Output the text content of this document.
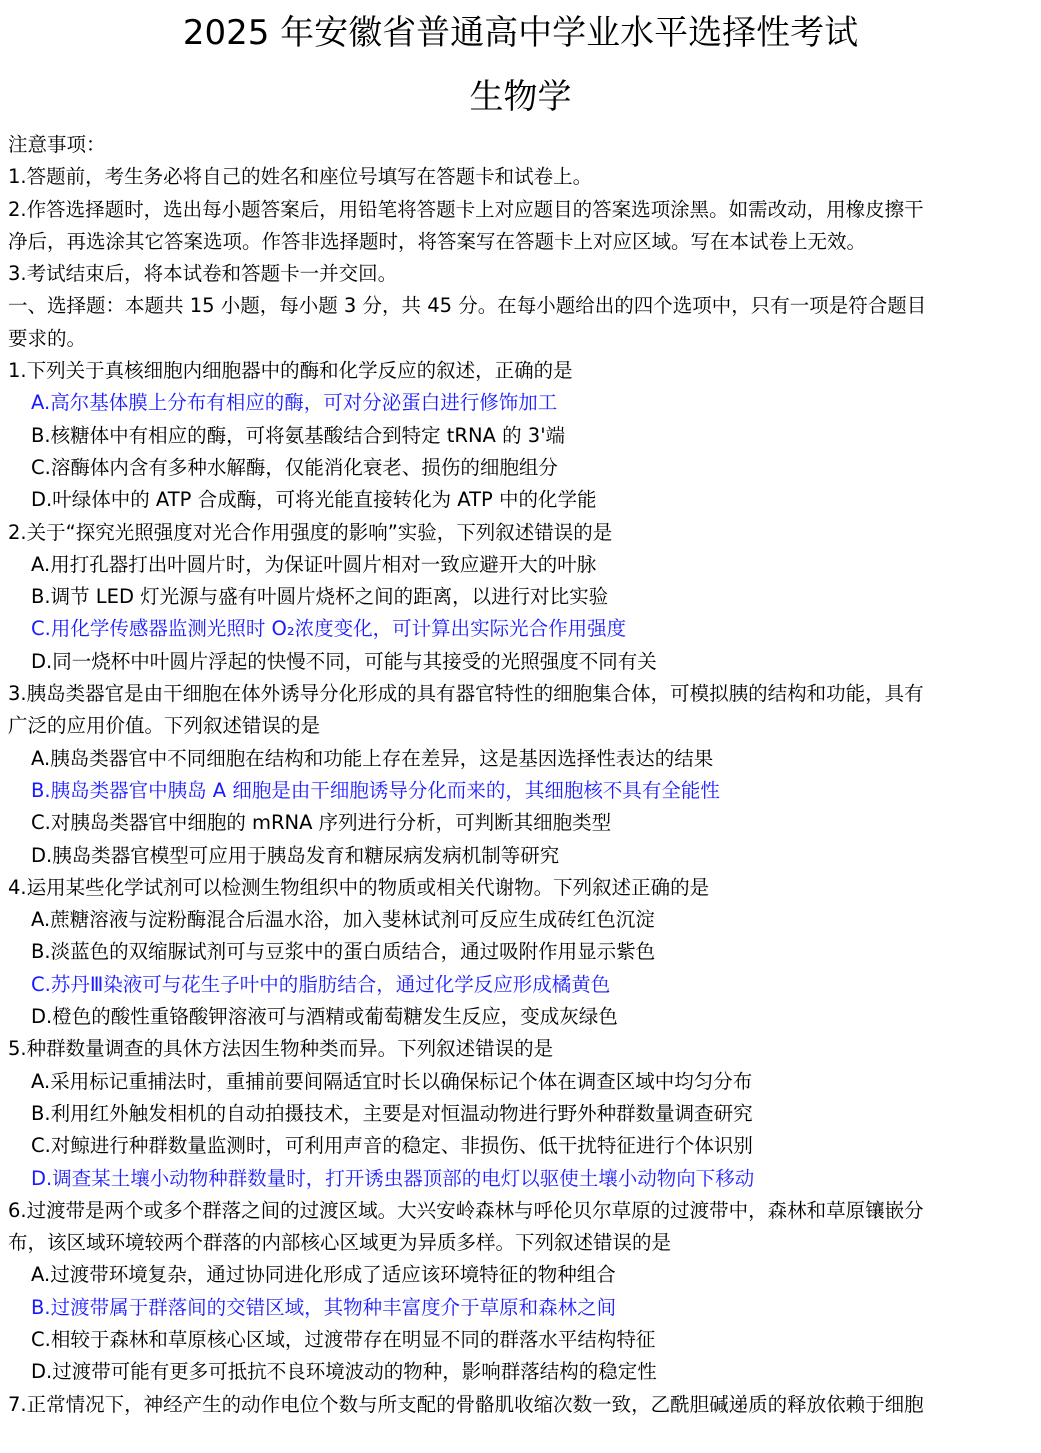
2025 年安徽省普通高中学业水平选择性考试
生物学
注意事项：
1.答题前，考生务必将自己的姓名和座位号填写在答题卡和试卷上。
2.作答选择题时，选出每小题答案后，用铅笔将答题卡上对应题目的答案选项涂黑。如需改动，用橡皮擦干
净后，再选涂其它答案选项。作答非选择题时，将答案写在答题卡上对应区域。写在本试卷上无效。
3.考试结束后，将本试卷和答题卡一并交回。
一、选择题：本题共 15 小题，每小题 3 分，共 45 分。在每小题给出的四个选项中，只有一项是符合题目
要求的。
1.下列关于真核细胞内细胞器中的酶和化学反应的叙述，正确的是
A.高尔基体膜上分布有相应的酶，可对分泌蛋白进行修饰加工
B.核糖体中有相应的酶，可将氨基酸结合到特定 tRNA 的 3'端
C.溶酶体内含有多种水解酶，仅能消化衰老、损伤的细胞组分
D.叶绿体中的 ATP 合成酶，可将光能直接转化为 ATP 中的化学能
2.关于“探究光照强度对光合作用强度的影响”实验，下列叙述错误的是
A.用打孔器打出叶圆片时，为保证叶圆片相对一致应避开大的叶脉
B.调节 LED 灯光源与盛有叶圆片烧杯之间的距离，以进行对比实验
C.用化学传感器监测光照时 O₂浓度变化，可计算出实际光合作用强度
D.同一烧杯中叶圆片浮起的快慢不同，可能与其接受的光照强度不同有关
3.胰岛类器官是由干细胞在体外诱导分化形成的具有器官特性的细胞集合体，可模拟胰的结构和功能，具有
广泛的应用价值。下列叙述错误的是
A.胰岛类器官中不同细胞在结构和功能上存在差异，这是基因选择性表达的结果
B.胰岛类器官中胰岛 A 细胞是由干细胞诱导分化而来的，其细胞核不具有全能性
C.对胰岛类器官中细胞的 mRNA 序列进行分析，可判断其细胞类型
D.胰岛类器官模型可应用于胰岛发育和糖尿病发病机制等研究
4.运用某些化学试剂可以检测生物组织中的物质或相关代谢物。下列叙述正确的是
A.蔗糖溶液与淀粉酶混合后温水浴，加入斐林试剂可反应生成砖红色沉淀
B.淡蓝色的双缩脲试剂可与豆浆中的蛋白质结合，通过吸附作用显示紫色
C.苏丹Ⅲ染液可与花生子叶中的脂肪结合，通过化学反应形成橘黄色
D.橙色的酸性重铬酸钾溶液可与酒精或葡萄糖发生反应，变成灰绿色
5.种群数量调查的具休方法因生物种类而异。下列叙述错误的是
A.采用标记重捕法时，重捕前要间隔适宜时长以确保标记个体在调查区域中均匀分布
B.利用红外触发相机的自动拍摄技术，主要是对恒温动物进行野外种群数量调查研究
C.对鲸进行种群数量监测时，可利用声音的稳定、非损伤、低干扰特征进行个体识别
D.调查某土壤小动物种群数量时，打开诱虫器顶部的电灯以驱使土壤小动物向下移动
6.过渡带是两个或多个群落之间的过渡区域。大兴安岭森林与呼伦贝尔草原的过渡带中，森林和草原镶嵌分
布，该区域环境较两个群落的内部核心区域更为异质多样。下列叙述错误的是
A.过渡带环境复杂，通过协同进化形成了适应该环境特征的物种组合
B.过渡带属于群落间的交错区域，其物种丰富度介于草原和森林之间
C.相较于森林和草原核心区域，过渡带存在明显不同的群落水平结构特征
D.过渡带可能有更多可抵抗不良环境波动的物种，影响群落结构的稳定性
7.正常情况下，神经产生的动作电位个数与所支配的骨骼肌收缩次数一致，乙酰胆碱递质的释放依赖于细胞
